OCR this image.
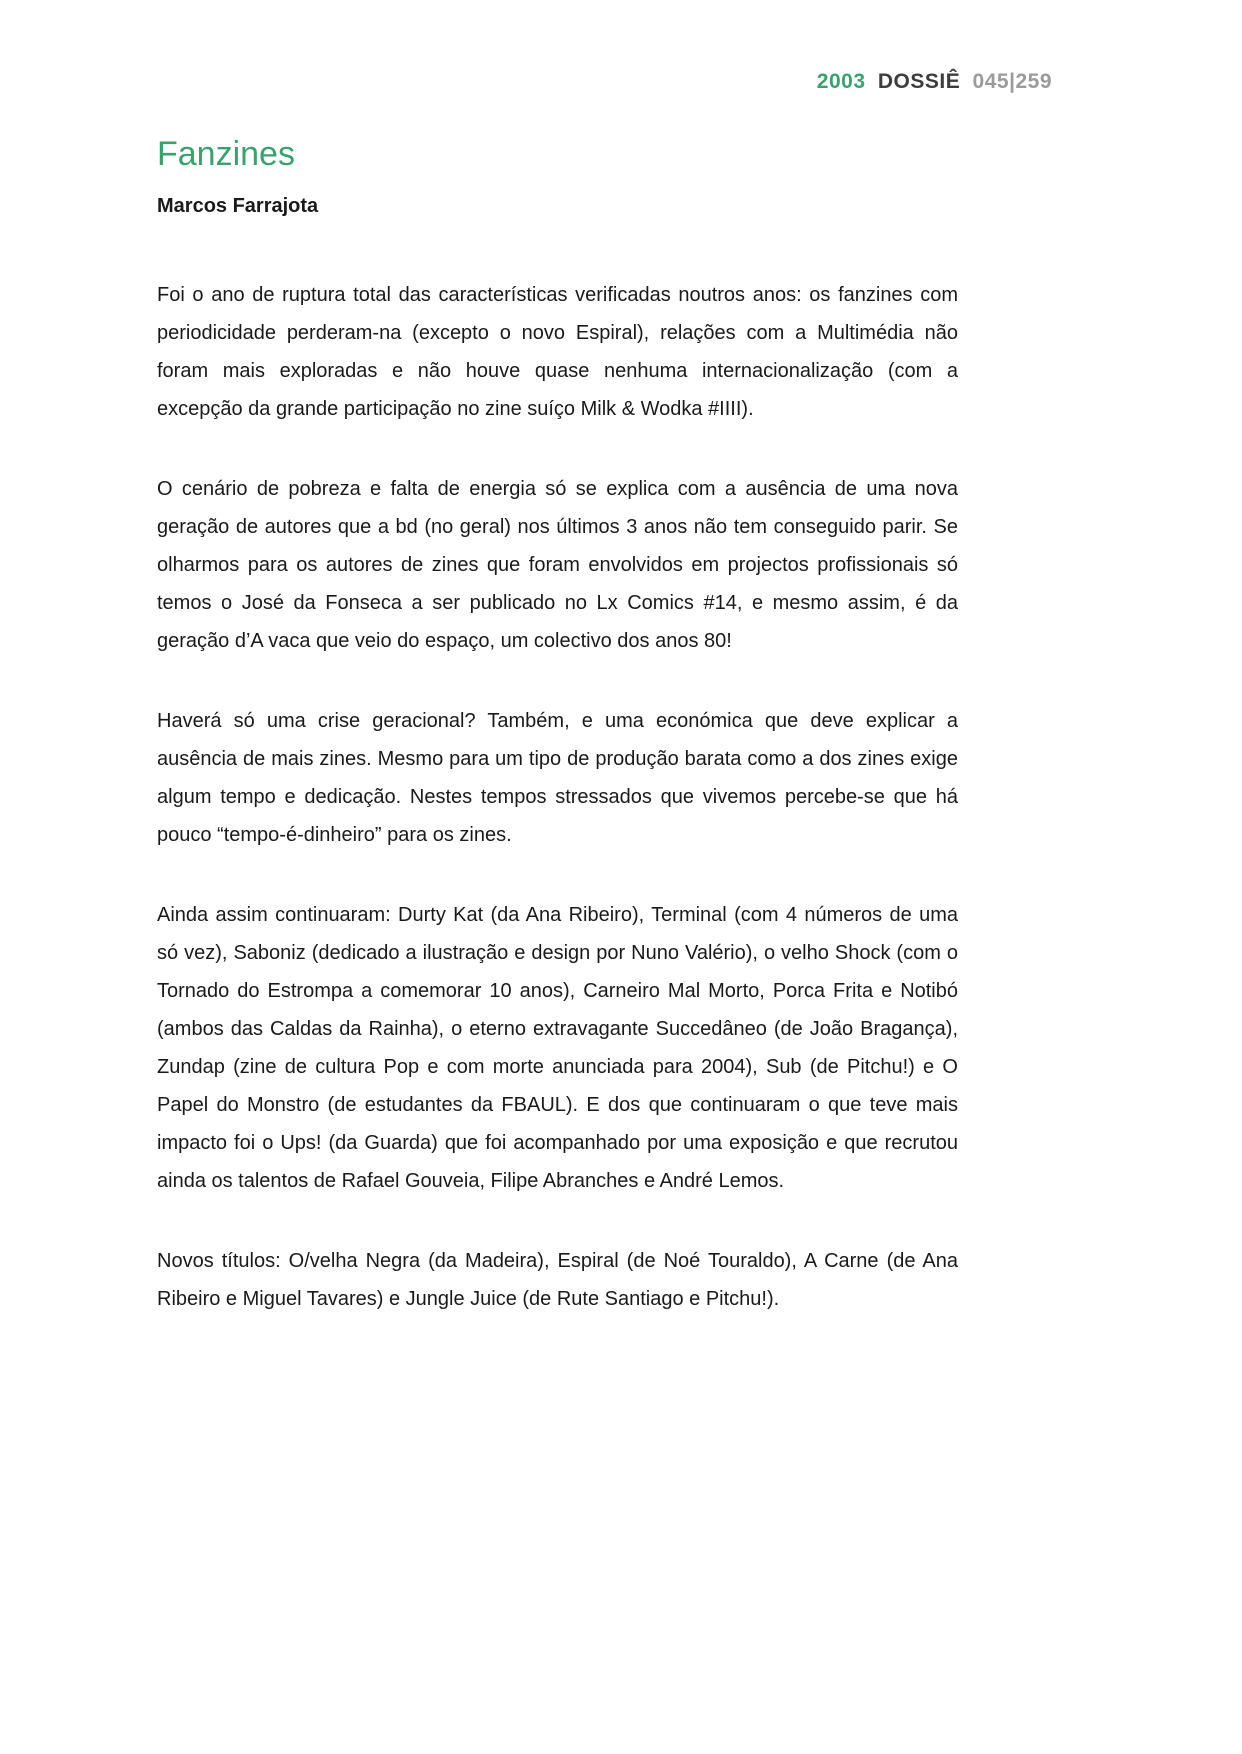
2003 DOSSIÊ 045|259
Fanzines
Marcos Farrajota

Foi o ano de ruptura total das características verificadas noutros anos: os fanzines com periodicidade perderam-na (excepto o novo Espiral), relações com a Multimédia não foram mais exploradas e não houve quase nenhuma internacionalização (com a excepção da grande participação no zine suíço Milk & Wodka #IIII).

O cenário de pobreza e falta de energia só se explica com a ausência de uma nova geração de autores que a bd (no geral) nos últimos 3 anos não tem conseguido parir. Se olharmos para os autores de zines que foram envolvidos em projectos profissionais só temos o José da Fonseca a ser publicado no Lx Comics #14, e mesmo assim, é da geração d’A vaca que veio do espaço, um colectivo dos anos 80!

Haverá só uma crise geracional? Também, e uma económica que deve explicar a ausência de mais zines. Mesmo para um tipo de produção barata como a dos zines exige algum tempo e dedicação. Nestes tempos stressados que vivemos percebe-se que há pouco “tempo-é-dinheiro” para os zines.

Ainda assim continuaram: Durty Kat (da Ana Ribeiro), Terminal (com 4 números de uma só vez), Saboniz (dedicado a ilustração e design por Nuno Valério), o velho Shock (com o Tornado do Estrompa a comemorar 10 anos), Carneiro Mal Morto, Porca Frita e Notibó (ambos das Caldas da Rainha), o eterno extravagante Succedâneo (de João Bragança), Zundap (zine de cultura Pop e com morte anunciada para 2004), Sub (de Pitchu!) e O Papel do Monstro (de estudantes da FBAUL). E dos que continuaram o que teve mais impacto foi o Ups! (da Guarda) que foi acompanhado por uma exposição e que recrutou ainda os talentos de Rafael Gouveia, Filipe Abranches e André Lemos.

Novos títulos: O/velha Negra (da Madeira), Espiral (de Noé Touraldo), A Carne (de Ana Ribeiro e Miguel Tavares) e Jungle Juice (de Rute Santiago e Pitchu!).
